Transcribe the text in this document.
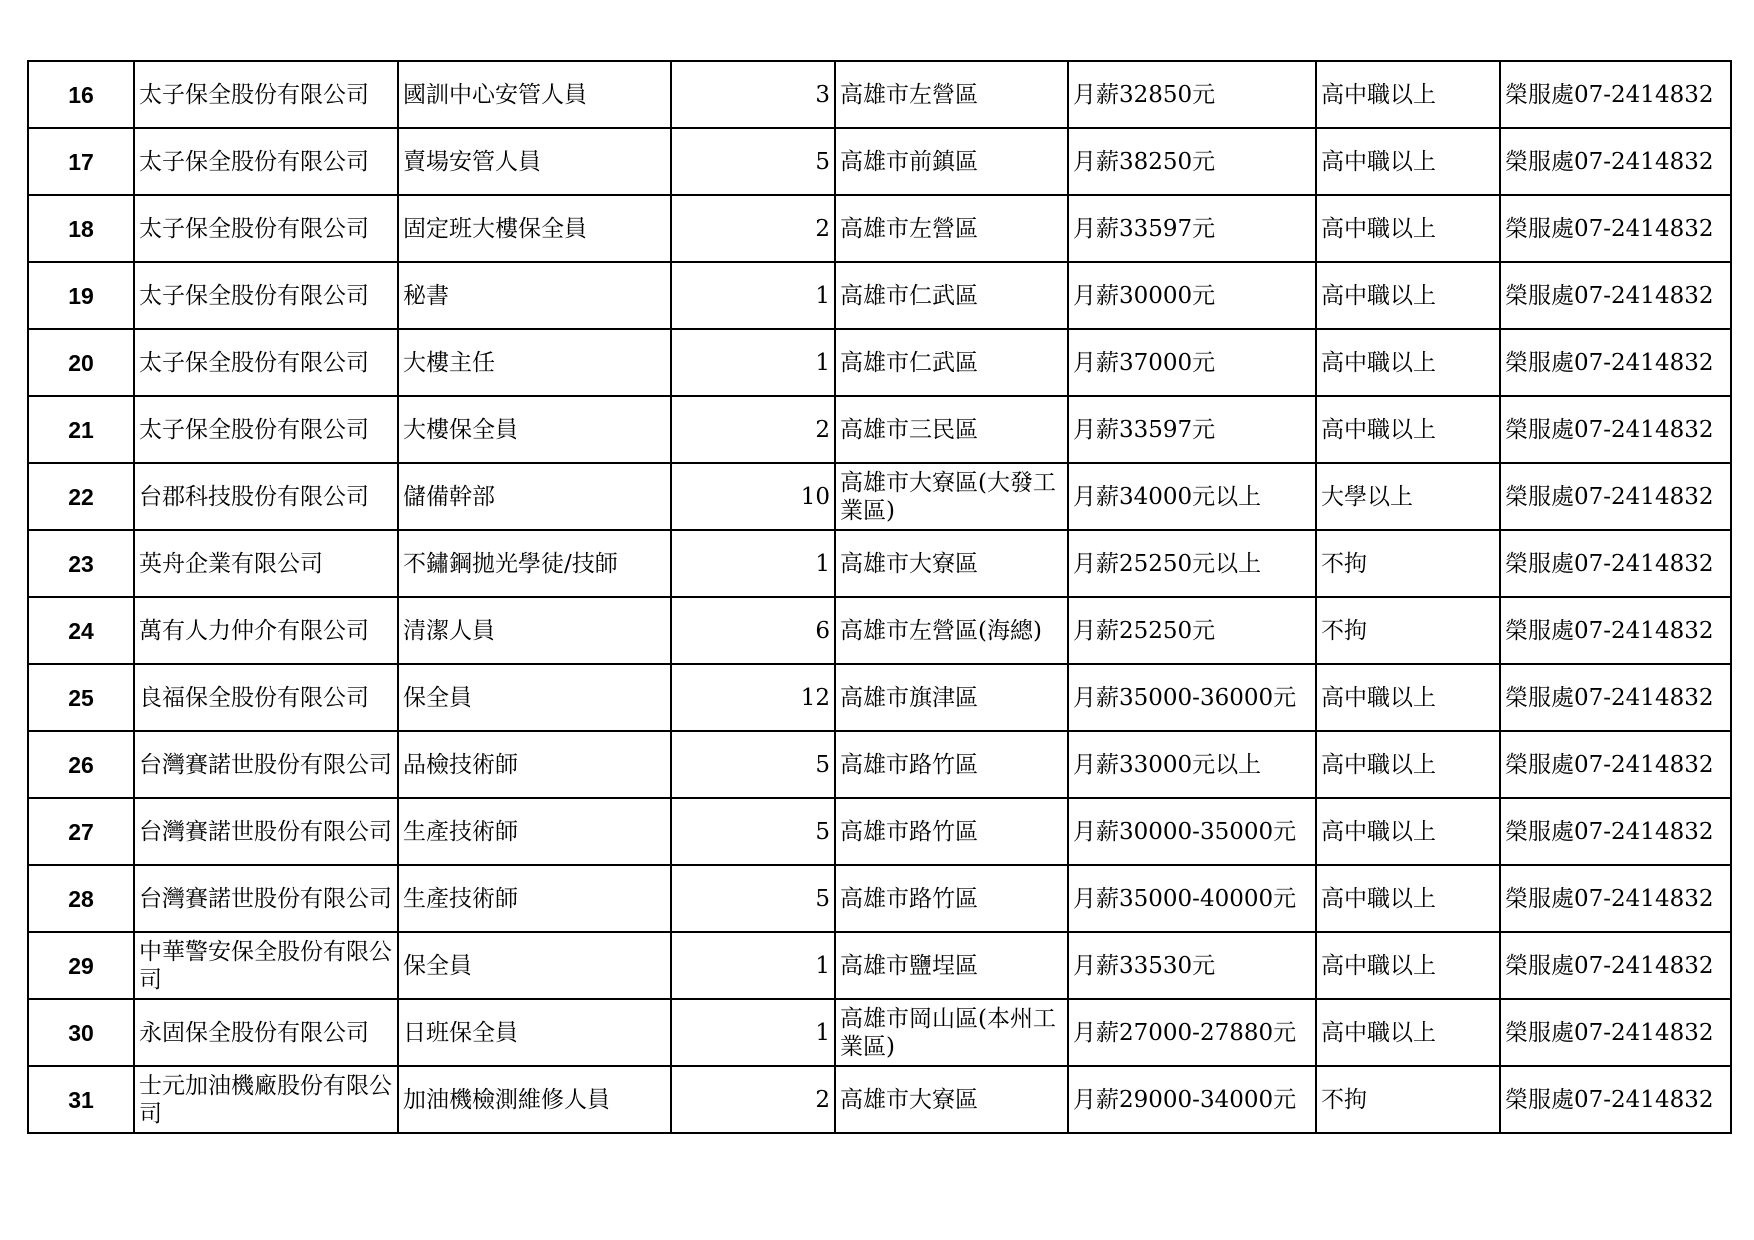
16	太子保全股份有限公司	國訓中心安管人員	3	高雄市左營區	月薪32850元	高中職以上	榮服處07-2414832
17	太子保全股份有限公司	賣場安管人員	5	高雄市前鎮區	月薪38250元	高中職以上	榮服處07-2414832
18	太子保全股份有限公司	固定班大樓保全員	2	高雄市左營區	月薪33597元	高中職以上	榮服處07-2414832
19	太子保全股份有限公司	秘書	1	高雄市仁武區	月薪30000元	高中職以上	榮服處07-2414832
20	太子保全股份有限公司	大樓主任	1	高雄市仁武區	月薪37000元	高中職以上	榮服處07-2414832
21	太子保全股份有限公司	大樓保全員	2	高雄市三民區	月薪33597元	高中職以上	榮服處07-2414832
22	台郡科技股份有限公司	儲備幹部	10	高雄市大寮區(大發工業區)	月薪34000元以上	大學以上	榮服處07-2414832
23	英舟企業有限公司	不鏽鋼拋光學徒/技師	1	高雄市大寮區	月薪25250元以上	不拘	榮服處07-2414832
24	萬有人力仲介有限公司	清潔人員	6	高雄市左營區(海總)	月薪25250元	不拘	榮服處07-2414832
25	良福保全股份有限公司	保全員	12	高雄市旗津區	月薪35000-36000元	高中職以上	榮服處07-2414832
26	台灣賽諾世股份有限公司	品檢技術師	5	高雄市路竹區	月薪33000元以上	高中職以上	榮服處07-2414832
27	台灣賽諾世股份有限公司	生產技術師	5	高雄市路竹區	月薪30000-35000元	高中職以上	榮服處07-2414832
28	台灣賽諾世股份有限公司	生產技術師	5	高雄市路竹區	月薪35000-40000元	高中職以上	榮服處07-2414832
29	中華警安保全股份有限公司	保全員	1	高雄市鹽埕區	月薪33530元	高中職以上	榮服處07-2414832
30	永固保全股份有限公司	日班保全員	1	高雄市岡山區(本州工業區)	月薪27000-27880元	高中職以上	榮服處07-2414832
31	士元加油機廠股份有限公司	加油機檢測維修人員	2	高雄市大寮區	月薪29000-34000元	不拘	榮服處07-2414832
